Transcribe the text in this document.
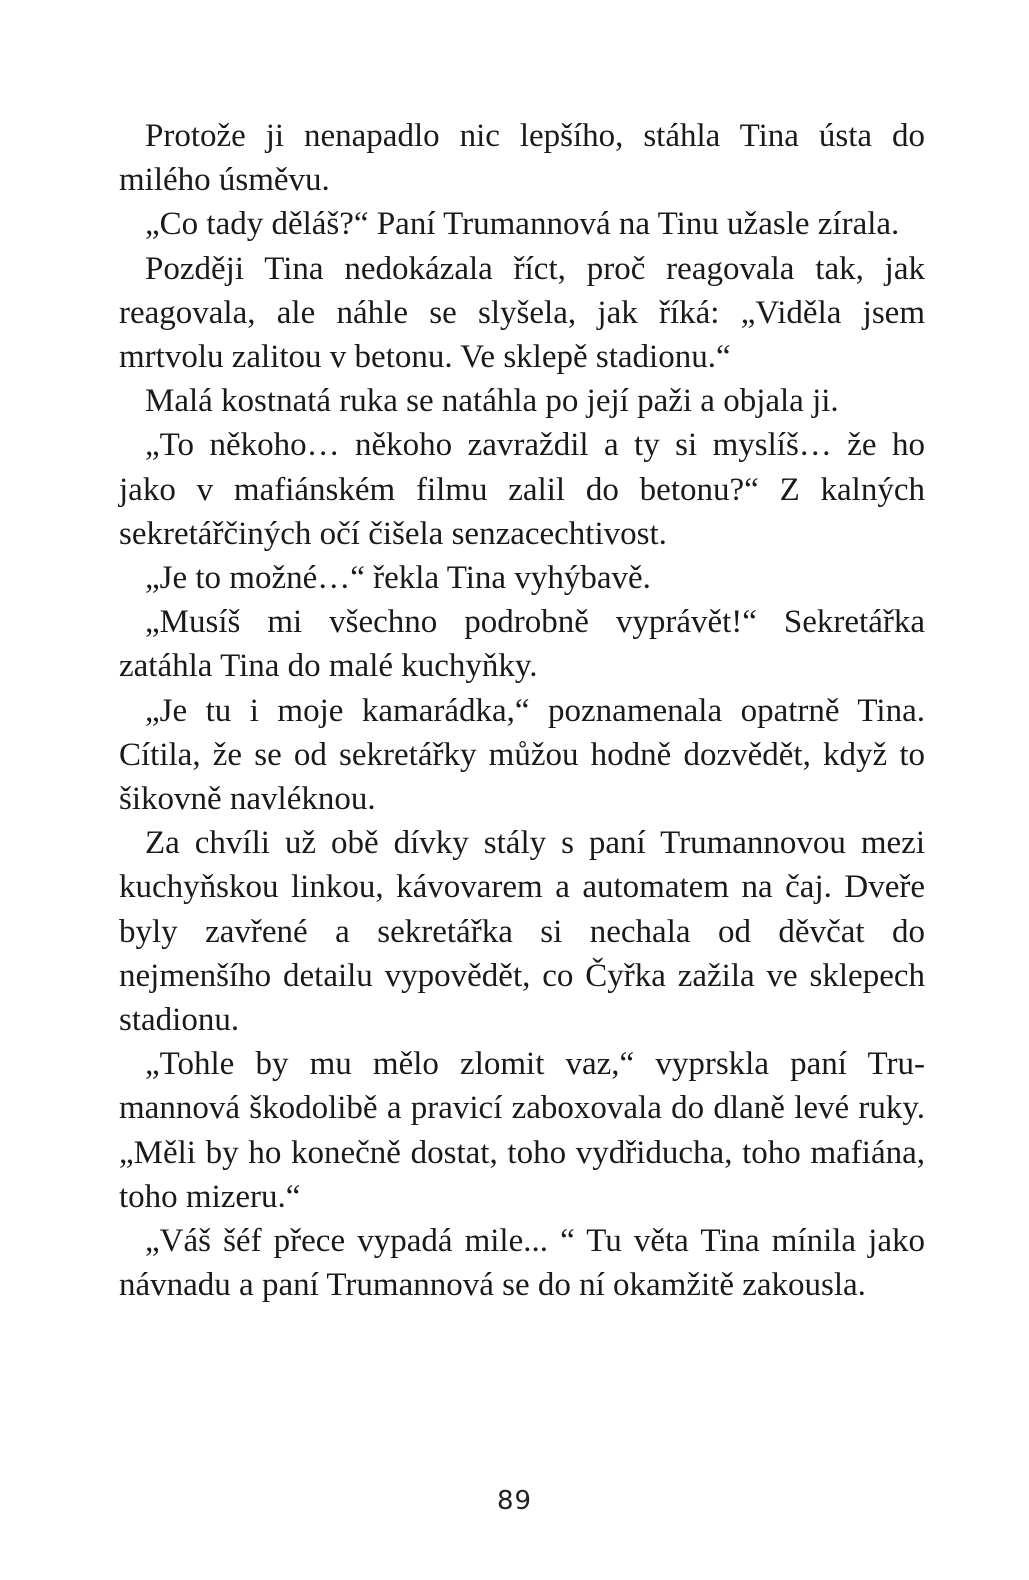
Protože ji nenapadlo nic lepšího, stáhla Tina ústa do milého úsměvu.

„Co tady děláš?“ Paní Trumannová na Tinu užasle zírala.

Později Tina nedokázala říct, proč reagovala tak, jak reagovala, ale náhle se slyšela, jak říká: „Viděla jsem mrtvolu zalitou v betonu. Ve sklepě stadionu.“

Malá kostnatá ruka se natáhla po její paži a objala ji.

„To někoho… někoho zavraždil a ty si myslíš… že ho jako v mafiánském filmu zalil do betonu?“ Z kalných sekretářčiných očí čišela senzacechtivost.

„Je to možné…“ řekla Tina vyhýbavě.

„Musíš mi všechno podrobně vyprávět!“ Sekretářka zatáhla Tina do malé kuchyňky.

„Je tu i moje kamarádka,“ poznamenala opatrně Tina. Cítila, že se od sekretářky můžou hodně dozvědět, když to šikovně navléknou.

Za chvíli už obě dívky stály s paní Trumannovou mezi kuchyňskou linkou, kávovarem a automatem na čaj. Dveře byly zavřené a sekretářka si nechala od děvčat do nejmenšího detailu vypovědět, co Čyřka zažila ve sklepech stadionu.

„Tohle by mu mělo zlomit vaz,“ vyprskla paní Trumannová škodolibě a pravicí zaboxovala do dlaně levé ruky. „Měli by ho konečně dostat, toho vydřiducha, toho mafiána, toho mizeru.“

„Váš šéf přece vypadá mile... “ Tu věta Tina mínila jako návnadu a paní Trumannová se do ní okamžitě zakousla.

89
